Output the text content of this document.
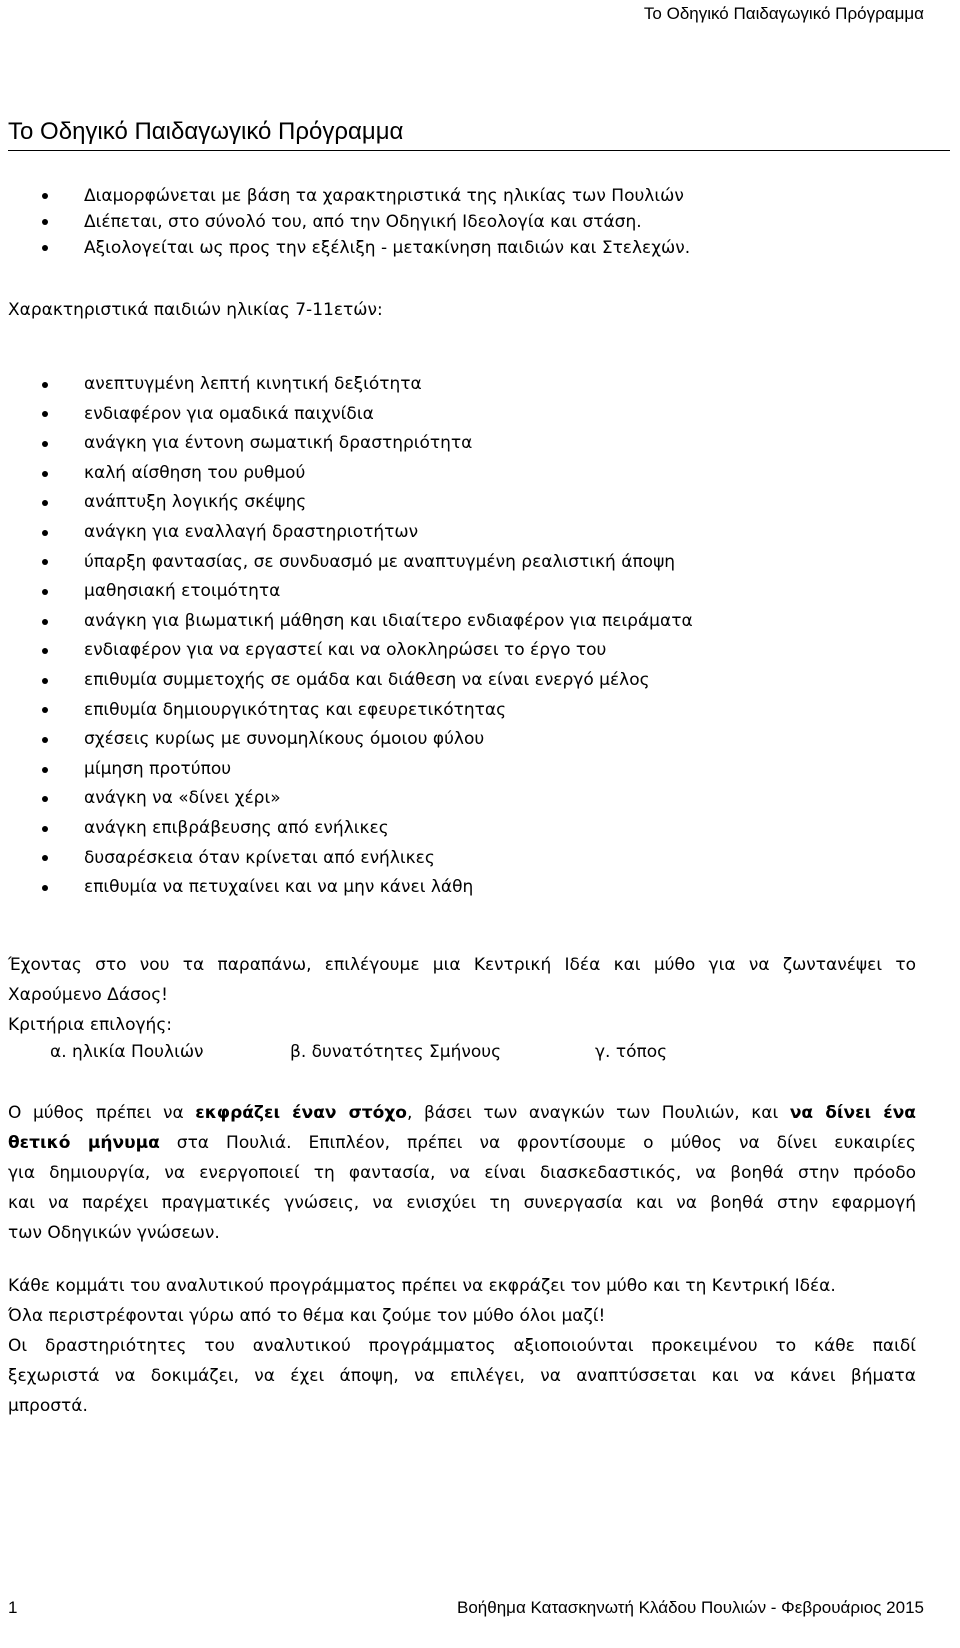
Το Οδηγικό Παιδαγωγικό Πρόγραμμα
Το Οδηγικό Παιδαγωγικό Πρόγραμμα
Διαμορφώνεται με βάση τα χαρακτηριστικά της ηλικίας των Πουλιών
Διέπεται, στο σύνολό του, από την Οδηγική Ιδεολογία και στάση.
Αξιολογείται ως προς την εξέλιξη - μετακίνηση παιδιών και Στελεχών.

Χαρακτηριστικά παιδιών ηλικίας 7-11ετών:

ανεπτυγμένη λεπτή κινητική δεξιότητα
ενδιαφέρον για ομαδικά παιχνίδια
ανάγκη για έντονη σωματική δραστηριότητα
καλή αίσθηση του ρυθμού
ανάπτυξη λογικής σκέψης
ανάγκη για εναλλαγή δραστηριοτήτων
ύπαρξη φαντασίας, σε συνδυασμό με αναπτυγμένη ρεαλιστική άποψη
μαθησιακή ετοιμότητα
ανάγκη για βιωματική μάθηση και ιδιαίτερο ενδιαφέρον για πειράματα
ενδιαφέρον για να εργαστεί και να ολοκληρώσει το έργο του
επιθυμία συμμετοχής σε ομάδα και διάθεση να είναι ενεργό μέλος
επιθυμία δημιουργικότητας και εφευρετικότητας
σχέσεις κυρίως με συνομηλίκους όμοιου φύλου
μίμηση προτύπου
ανάγκη να «δίνει χέρι»
ανάγκη επιβράβευσης από ενήλικες
δυσαρέσκεια όταν κρίνεται από ενήλικες
επιθυμία να πετυχαίνει και να μην κάνει λάθη
Έχοντας στο νου τα παραπάνω, επιλέγουμε μια Κεντρική Ιδέα και μύθο για να ζωντανέψει το
Χαρούμενο Δάσος!
Κριτήρια επιλογής:
α. ηλικία Πουλιών	β. δυνατότητες Σμήνους	γ. τόπος
Ο μύθος πρέπει να εκφράζει έναν στόχο, βάσει των αναγκών των Πουλιών, και να δίνει ένα
θετικό μήνυμα στα Πουλιά. Επιπλέον, πρέπει να φροντίσουμε ο μύθος να δίνει ευκαιρίες
για δημιουργία, να ενεργοποιεί τη φαντασία, να είναι διασκεδαστικός, να βοηθά στην πρόοδο
και να παρέχει πραγματικές γνώσεις, να ενισχύει τη συνεργασία και να βοηθά στην εφαρμογή
των Οδηγικών γνώσεων.
Κάθε κομμάτι του αναλυτικού προγράμματος πρέπει να εκφράζει τον μύθο και τη Κεντρική Ιδέα.
Όλα περιστρέφονται γύρω από το θέμα και ζούμε τον μύθο όλοι μαζί!
Οι δραστηριότητες του αναλυτικού προγράμματος αξιοποιούνται προκειμένου το κάθε παιδί
ξεχωριστά να δοκιμάζει, να έχει άποψη, να επιλέγει, να αναπτύσσεται και να κάνει βήματα
μπροστά.
1	Βοήθημα Κατασκηνωτή Κλάδου Πουλιών - Φεβρουάριος 2015
